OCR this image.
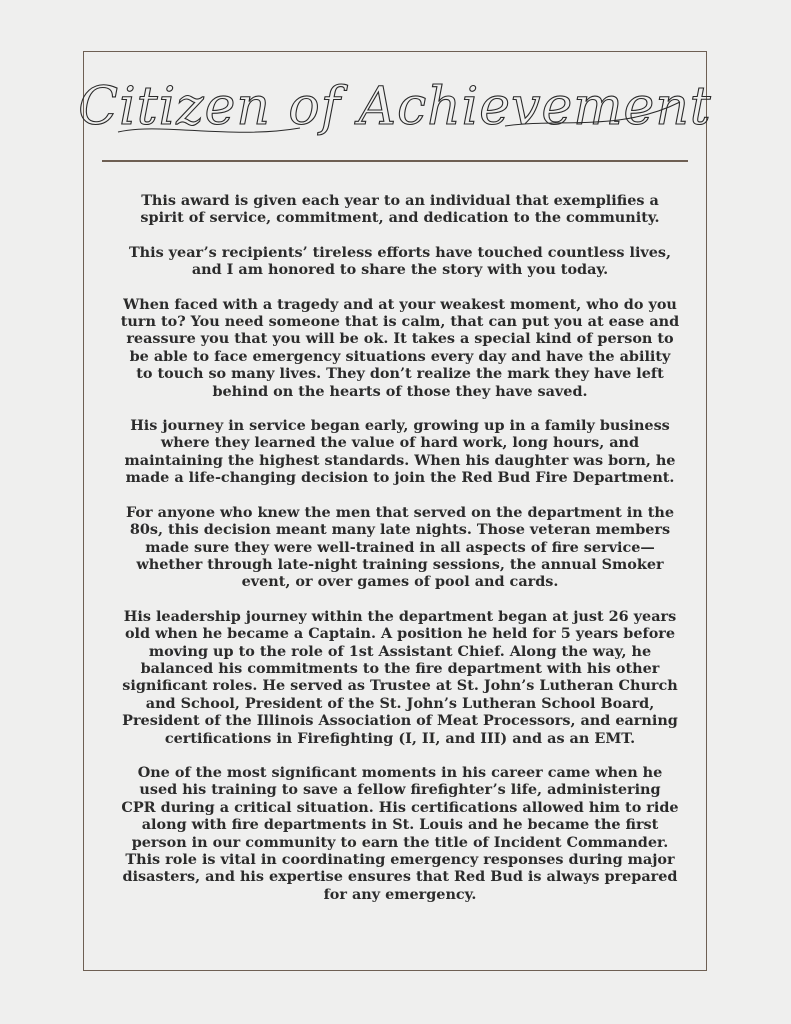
Citizen of Achievement

This award is given each year to an individual that exemplifies a spirit of service, commitment, and dedication to the community.

This year’s recipients’ tireless efforts have touched countless lives, and I am honored to share the story with you today.

When faced with a tragedy and at your weakest moment, who do you turn to? You need someone that is calm, that can put you at ease and reassure you that you will be ok. It takes a special kind of person to be able to face emergency situations every day and have the ability to touch so many lives. They don’t realize the mark they have left behind on the hearts of those they have saved.

His journey in service began early, growing up in a family business where they learned the value of hard work, long hours, and maintaining the highest standards. When his daughter was born, he made a life-changing decision to join the Red Bud Fire Department.

For anyone who knew the men that served on the department in the 80s, this decision meant many late nights. Those veteran members made sure they were well-trained in all aspects of fire service—whether through late-night training sessions, the annual Smoker event, or over games of pool and cards.

His leadership journey within the department began at just 26 years old when he became a Captain. A position he held for 5 years before moving up to the role of 1st Assistant Chief. Along the way, he balanced his commitments to the fire department with his other significant roles. He served as Trustee at St. John’s Lutheran Church and School, President of the St. John’s Lutheran School Board, President of the Illinois Association of Meat Processors, and earning certifications in Firefighting (I, II, and III) and as an EMT.

One of the most significant moments in his career came when he used his training to save a fellow firefighter’s life, administering CPR during a critical situation. His certifications allowed him to ride along with fire departments in St. Louis and he became the first person in our community to earn the title of Incident Commander. This role is vital in coordinating emergency responses during major disasters, and his expertise ensures that Red Bud is always prepared for any emergency.
